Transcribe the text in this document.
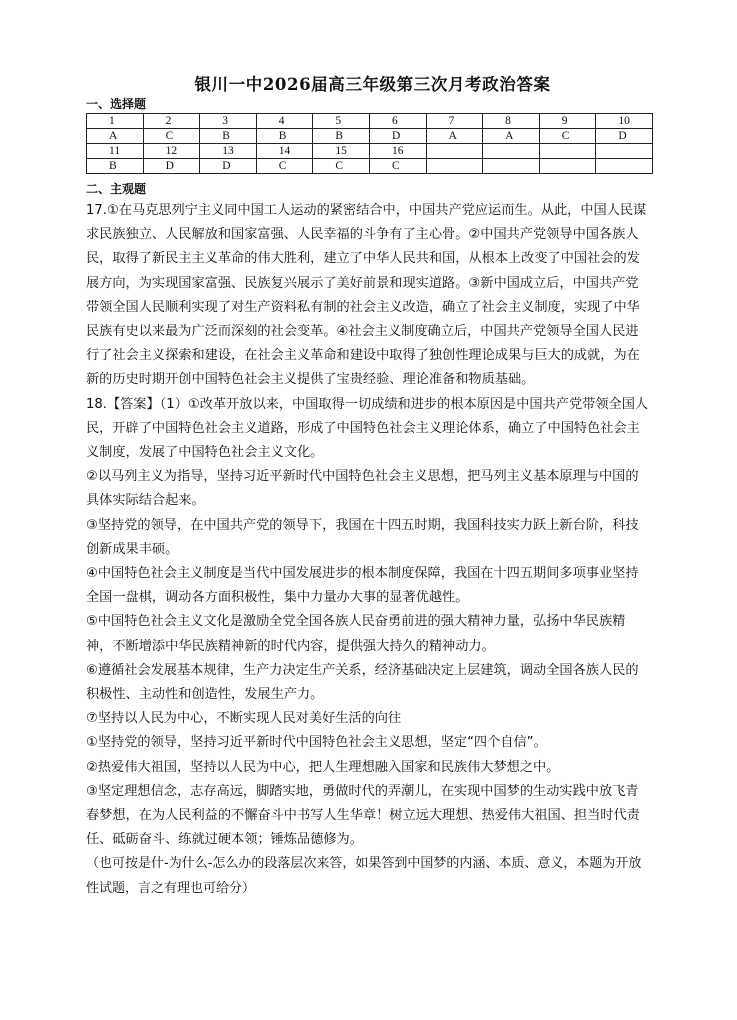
银川一中2026届高三年级第三次月考政治答案
一、选择题
1	2	3	4	5	6	7	8	9	10
A	C	B	B	B	D	A	A	C	D
11	12	13	14	15	16				
B	D	D	C	C	C				
二、主观题

17.①在马克思列宁主义同中国工人运动的紧密结合中，中国共产党应运而生。从此，中国人民谋求民族独立、人民解放和国家富强、人民幸福的斗争有了主心骨。②中国共产党领导中国各族人民，取得了新民主主义革命的伟大胜利，建立了中华人民共和国，从根本上改变了中国社会的发展方向，为实现国家富强、民族复兴展示了美好前景和现实道路。③新中国成立后，中国共产党带领全国人民顺利实现了对生产资料私有制的社会主义改造，确立了社会主义制度，实现了中华民族有史以来最为广泛而深刻的社会变革。④社会主义制度确立后，中国共产党领导全国人民进行了社会主义探索和建设，在社会主义革命和建设中取得了独创性理论成果与巨大的成就，为在新的历史时期开创中国特色社会主义提供了宝贵经验、理论准备和物质基础。

18.【答案】（1）①改革开放以来，中国取得一切成绩和进步的根本原因是中国共产党带领全国人民，开辟了中国特色社会主义道路，形成了中国特色社会主义理论体系，确立了中国特色社会主义制度，发展了中国特色社会主义文化。

②以马列主义为指导，坚持习近平新时代中国特色社会主义思想，把马列主义基本原理与中国的具体实际结合起来。

③坚持党的领导，在中国共产党的领导下，我国在十四五时期，我国科技实力跃上新台阶，科技创新成果丰硕。

④中国特色社会主义制度是当代中国发展进步的根本制度保障，我国在十四五期间多项事业坚持全国一盘棋，调动各方面积极性，集中力量办大事的显著优越性。

⑤中国特色社会主义文化是激励全党全国各族人民奋勇前进的强大精神力量，弘扬中华民族精神，不断增添中华民族精神新的时代内容，提供强大持久的精神动力。

⑥遵循社会发展基本规律，生产力决定生产关系，经济基础决定上层建筑，调动全国各族人民的积极性、主动性和创造性，发展生产力。

⑦坚持以人民为中心，不断实现人民对美好生活的向往

①坚持党的领导，坚持习近平新时代中国特色社会主义思想，坚定“四个自信”。

②热爱伟大祖国，坚持以人民为中心，把人生理想融入国家和民族伟大梦想之中。

③坚定理想信念，志存高远，脚踏实地，勇做时代的弄潮儿，在实现中国梦的生动实践中放飞青春梦想，在为人民利益的不懈奋斗中书写人生华章！树立远大理想、热爱伟大祖国、担当时代责任、砥砺奋斗、练就过硬本领；锤炼品德修为。

（也可按是什-为什么-怎么办的段落层次来答，如果答到中国梦的内涵、本质、意义，本题为开放性试题，言之有理也可给分）
